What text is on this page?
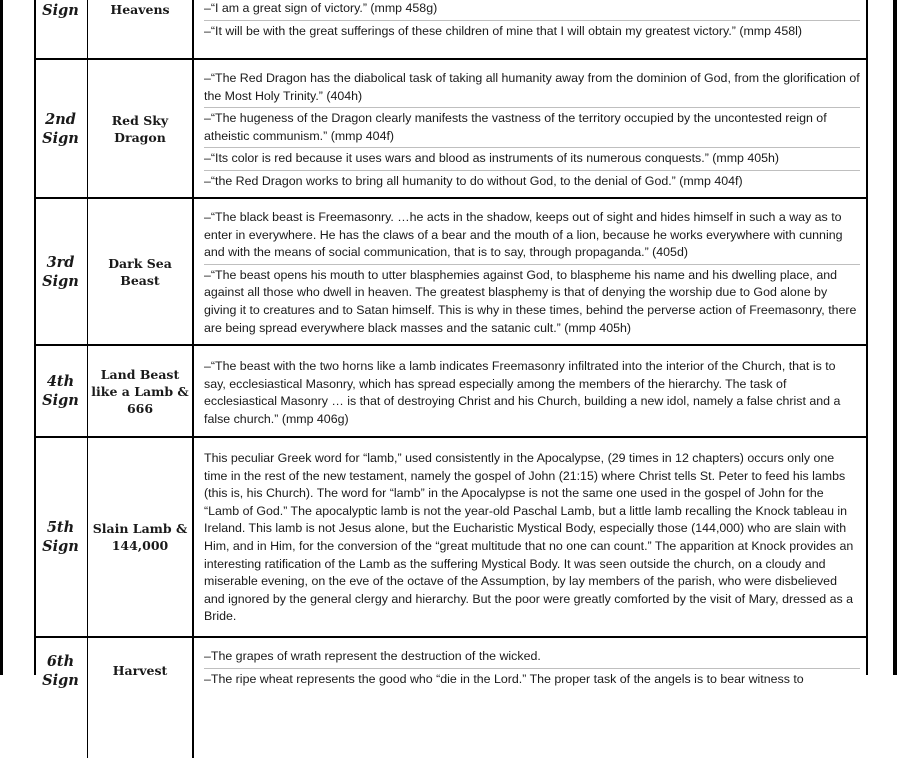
Sign	Heavens	–“I am a great sign of victory.” (mmp 458g)

–“It will be with the great sufferings of these children of mine that I will obtain my greatest victory.” (mmp 458l)

2nd Sign
Red Sky Dragon

–“The Red Dragon has the diabolical task of taking all humanity away from the dominion of God, from the glorification of the Most Holy Trinity.” (404h)

–“The hugeness of the Dragon clearly manifests the vastness of the territory occupied by the uncontested reign of atheistic communism.” (mmp 404f)

–“Its color is red because it uses wars and blood as instruments of its numerous conquests.” (mmp 405h)

–“the Red Dragon works to bring all humanity to do without God, to the denial of God.” (mmp 404f)

3rd Sign
Dark Sea Beast

–“The black beast is Freemasonry. …he acts in the shadow, keeps out of sight and hides himself in such a way as to enter in everywhere. He has the claws of a bear and the mouth of a lion, because he works everywhere with cunning and with the means of social communication, that is to say, through propaganda.” (405d)

–“The beast opens his mouth to utter blasphemies against God, to blaspheme his name and his dwelling place, and against all those who dwell in heaven. The greatest blasphemy is that of denying the worship due to God alone by giving it to creatures and to Satan himself. This is why in these times, behind the perverse action of Freemasonry, there are being spread everywhere black masses and the satanic cult.” (mmp 405h)

4th Sign
Land Beast like a Lamb & 666

–“The beast with the two horns like a lamb indicates Freemasonry infiltrated into the interior of the Church, that is to say, ecclesiastical Masonry, which has spread especially among the members of the hierarchy. The task of ecclesiastical Masonry … is that of destroying Christ and his Church, building a new idol, namely a false christ and a false church.” (mmp 406g)

5th Sign
Slain Lamb & 144,000

This peculiar Greek word for “lamb,” used consistently in the Apocalypse, (29 times in 12 chapters) occurs only one time in the rest of the new testament, namely the gospel of John (21:15) where Christ tells St. Peter to feed his lambs (this is, his Church). The word for “lamb” in the Apocalypse is not the same one used in the gospel of John for the “Lamb of God.” The apocalyptic lamb is not the year-old Paschal Lamb, but a little lamb recalling the Knock tableau in Ireland. This lamb is not Jesus alone, but the Eucharistic Mystical Body, especially those (144,000) who are slain with Him, and in Him, for the conversion of the “great multitude that no one can count.” The apparition at Knock provides an interesting ratification of the Lamb as the suffering Mystical Body. It was seen outside the church, on a cloudy and miserable evening, on the eve of the octave of the Assumption, by lay members of the parish, who were disbelieved and ignored by the general clergy and hierarchy. But the poor were greatly comforted by the visit of Mary, dressed as a Bride.

6th Sign
Harvest

–The grapes of wrath represent the destruction of the wicked.

–The ripe wheat represents the good who “die in the Lord.” The proper task of the angels is to bear witness to
